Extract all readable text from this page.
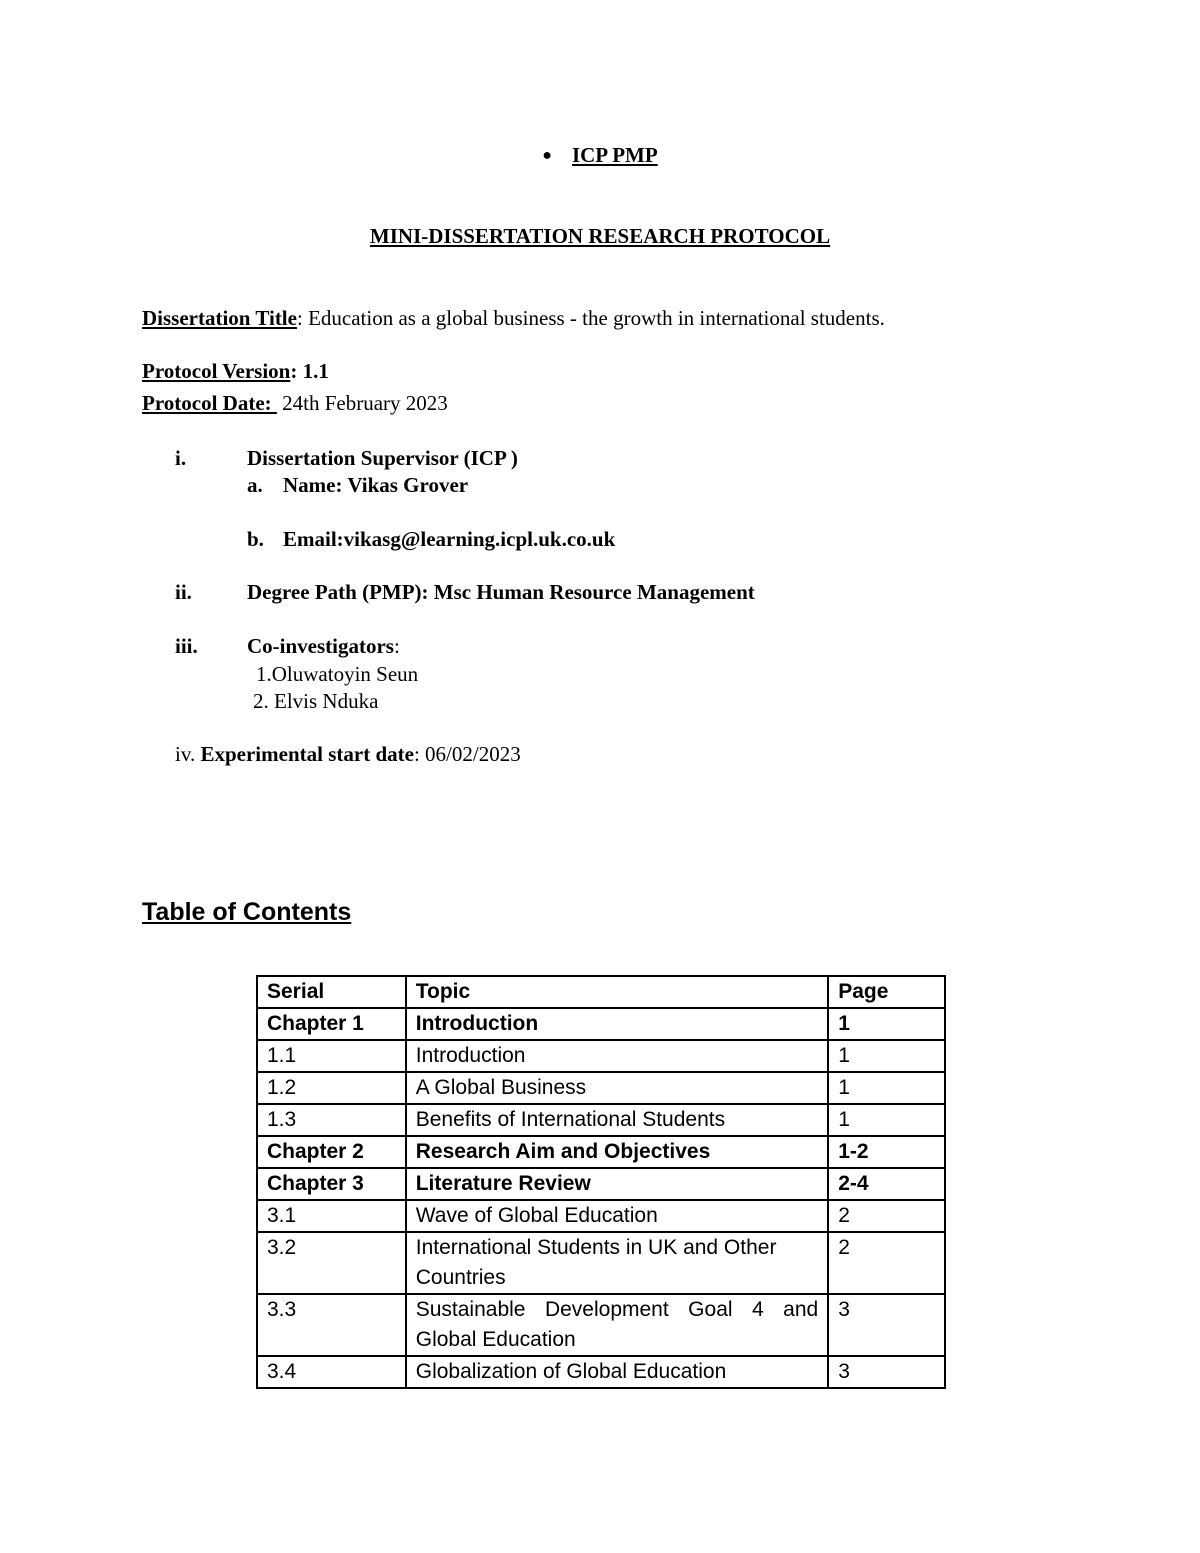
● ICP PMP
MINI-DISSERTATION RESEARCH PROTOCOL
Dissertation Title: Education as a global business - the growth in international students.
Protocol Version: 1.1
Protocol Date:  24th February 2023
i.	Dissertation Supervisor (ICP )
a. Name: Vikas Grover
b. Email:vikasg@learning.icpl.uk.co.uk
ii.	Degree Path (PMP): Msc Human Resource Management
iii. Co-investigators:
1.Oluwatoyin Seun
2. Elvis Nduka
iv. Experimental start date: 06/02/2023
Table of Contents
Serial	Topic	Page
Chapter 1	Introduction	1
1.1	Introduction	1
1.2	A Global Business	1
1.3	Benefits of International Students	1
Chapter 2	Research Aim and Objectives	1-2
Chapter 3	Literature Review	2-4
3.1	Wave of Global Education	2
3.2	International Students in UK and Other Countries	2
3.3	Sustainable Development Goal 4 and Global Education	3
3.4	Globalization of Global Education	3
